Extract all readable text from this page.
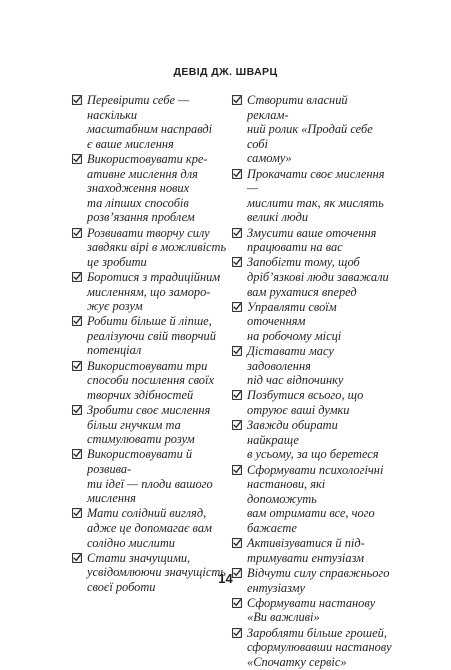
ДЕВІД ДЖ. ШВАРЦ
Перевірити себе — наскільки
масштабним насправді
є ваше мислення
Використовувати кре-
ативне мислення для
знаходження нових
та ліпших способів
розв’язання проблем
Розвивати творчу силу
завдяки вірі в можливість
це зробити
Боротися з традиційним
мисленням, що заморо-
жує розум
Робити більше й ліпше,
реалізуючи свій творчий
потенціал
Використовувати три
способи посилення своїх
творчих здібностей
Зробити своє мислення
більш гнучким та
стимулювати розум
Використовувати й розвива-
ти ідеї — плоди вашого
мислення
Мати солідний вигляд,
адже це допомагає вам
солідно мислити
Стати значущими,
усвідомлюючи значущість
своєї роботи
Створити власний реклам-
ний ролик «Продай себе собі
самому»
Прокачати своє мислення —
мислити так, як мислять
великі люди
Змусити ваше оточення
працювати на вас
Запобігти тому, щоб
дріб’язкові люди заважали
вам рухатися вперед
Управляти своїм оточенням
на робочому місці
Діставати масу задоволення
під час відпочинку
Позбутися всього, що
отруює ваші думки
Завжди обирати найкраще
в усьому, за що беретеся
Сформувати психологічні
настанови, які допоможуть
вам отримати все, чого
бажаєте
Активізуватися й під-
тримувати ентузіазм
Відчути силу справжнього
ентузіазму
Сформувати настанову
«Ви важливі»
Заробляти більше грошей,
сформулювавши настанову
«Спочатку сервіс»
14
